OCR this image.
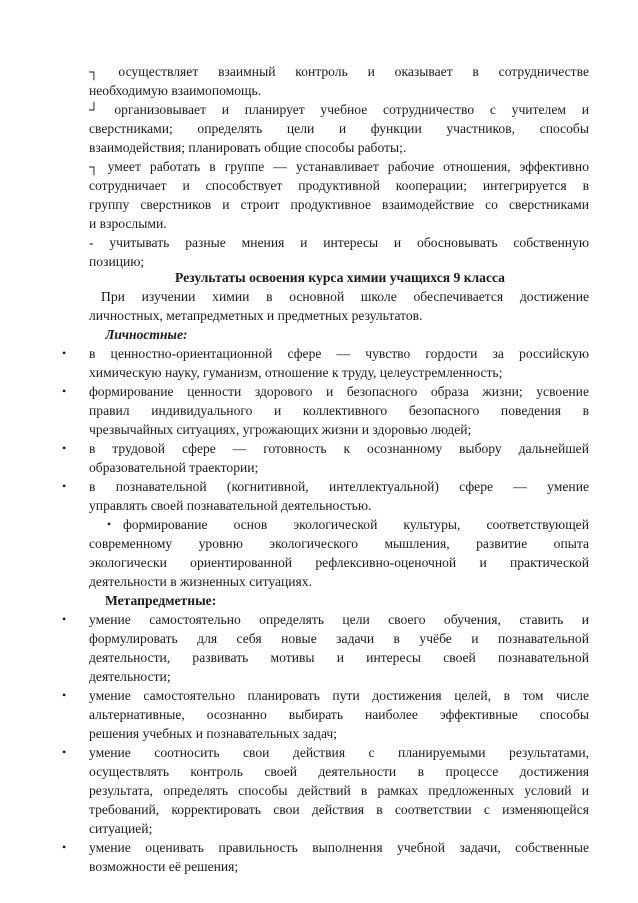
┐ осуществляет взаимный контроль и оказывает в сотрудничестве
необходимую взаимопомощь.
┘ организовывает и планирует учебное сотрудничество с учителем и
сверстниками; определять цели и функции участников, способы
взаимодействия; планировать общие способы работы;.
┐ умеет работать в группе — устанавливает рабочие отношения, эффективно
сотрудничает и способствует продуктивной кооперации; интегрируется в
группу сверстников и строит продуктивное взаимодействие со сверстниками
и взрослыми.
- учитывать разные мнения и интересы и обосновывать собственную
позицию;
Результаты освоения курса химии учащихся 9 класса
При изучении химии в основной школе обеспечивается достижение
личностных, метапредметных и предметных результатов.
Личностные:
•	в ценностно-ориентационной сфере — чувство гордости за российскую
химическую науку, гуманизм, отношение к труду, целеустремленность;
•	формирование ценности здорового и безопасного образа жизни; усвоение
правил индивидуального и коллективного безопасного поведения в
чрезвычайных ситуациях, угрожающих жизни и здоровью людей;
•	в трудовой сфере — готовность к осознанному выбору дальнейшей
образовательной траектории;
•	в познавательной (когнитивной, интеллектуальной) сфере — умение
управлять своей познавательной деятельностью.
• формирование основ экологической культуры, соответствующей
современному уровню экологического мышления, развитие опыта
экологически ориентированной рефлексивно-оценочной и практической
деятельности в жизненных ситуациях.
Метапредметные:
•	умение самостоятельно определять цели своего обучения, ставить и
формулировать для себя новые задачи в учёбе и познавательной
деятельности, развивать мотивы и интересы своей познавательной
деятельности;
•	умение самостоятельно планировать пути достижения целей, в том числе
альтернативные, осознанно выбирать наиболее эффективные способы
решения учебных и познавательных задач;
•	умение соотносить свои действия с планируемыми результатами,
осуществлять контроль своей деятельности в процессе достижения
результата, определять способы действий в рамках предложенных условий и
требований, корректировать свои действия в соответствии с изменяющейся
ситуацией;
•	умение оценивать правильность выполнения учебной задачи, собственные
возможности её решения;
